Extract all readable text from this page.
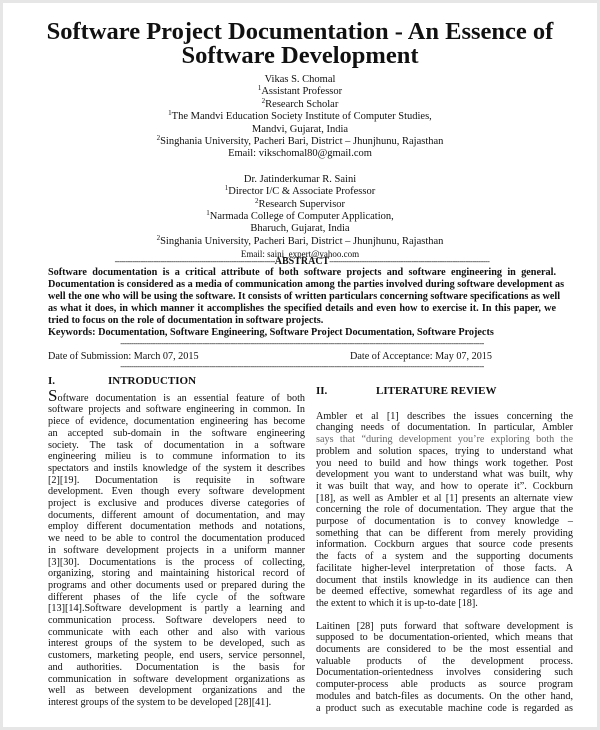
Software Project Documentation - An Essence of
Software Development
Vikas S. Chomal
$^1$Assistant Professor
$^2$Research Scholar
$^1$The Mandvi Education Society Institute of Computer Studies,
Mandvi, Gujarat, India
$^2$Singhania University, Pacheri Bari, District – Jhunjhunu, Rajasthan
Email: vikschomal80@gmail.com
Dr. Jatinderkumar R. Saini
$^1$Director I/C & Associate Professor
$^2$Research Supervisor
$^1$Narmada College of Computer Application,
Bharuch, Gujarat, India
$^2$Singhania University, Pacheri Bari, District – Jhunjhunu, Rajasthan
Email: saini_expert@yahoo.com
--------------------------------------------------------------------------ABSTRACT--------------------------------------------------------------------------
Software documentation is a critical attribute of both software projects and software engineering in general.
Documentation is considered as a media of communication among the parties involved during software development as
well the one who will be using the software. It consists of written particulars concerning software specifications as well
as what it does, in which manner it accomplishes the specified details and even how to exercise it. In this paper, we
tried to focus on the role of documentation in software projects.
Keywords: Documentation, Software Engineering, Software Project Documentation, Software Projects
------------------------------------------------------------------------------------------------------------------------------------------------------------------------
Date of Submission: March 07, 2015	Date of Acceptance: May 07, 2015
------------------------------------------------------------------------------------------------------------------------------------------------------------------------
I.	INTRODUCTION
Software documentation is an essential feature of both
software projects and software engineering in common. In
piece of evidence, documentation engineering has become
an accepted sub-domain in the software engineering
society. The task of documentation in a software
engineering milieu is to commune information to its
spectators and instils knowledge of the system it describes
[2][19]. Documentation is requisite in software
development. Even though every software development
project is exclusive and produces diverse categories of
documents, different amount of documentation, and may
employ different documentation methods and notations,
we need to be able to control the documentation produced
in software development projects in a uniform manner
[3][30]. Documentations is the process of collecting,
organizing, storing and maintaining historical record of
programs and other documents used or prepared during the
different phases of the life cycle of the software
[13][14].Software development is partly a learning and
communication process. Software developers need to
communicate with each other and also with various
interest groups of the system to be developed, such as
customers, marketing people, end users, service personnel,
and authorities. Documentation is the basis for
communication in software development organizations as
well as between development organizations and the
interest groups of the system to be developed [28][41].
II.	LITERATURE REVIEW
Ambler et al [1] describes the issues concerning the
changing needs of documentation. In particular, Ambler
says that “during development you’re exploring both the
problem and solution spaces, trying to understand what
you need to build and how things work together. Post
development you want to understand what was built, why
it was built that way, and how to operate it”. Cockburn
[18], as well as Ambler et al [1] presents an alternate view
concerning the role of documentation. They argue that the
purpose of documentation is to convey knowledge –
something that can be different from merely providing
information. Cockburn argues that source code presents
the facts of a system and the supporting documents
facilitate higher-level interpretation of those facts. A
document that instils knowledge in its audience can then
be deemed effective, somewhat regardless of its age and
the extent to which it is up-to-date [18].
Laitinen [28] puts forward that software development is
supposed to be documentation-oriented, which means that
documents are considered to be the most essential and
valuable products of the development process.
Documentation-orientedness involves considering such
computer-process able products as source program
modules and batch-files as documents. On the other hand,
a product such as executable machine code is regarded as
